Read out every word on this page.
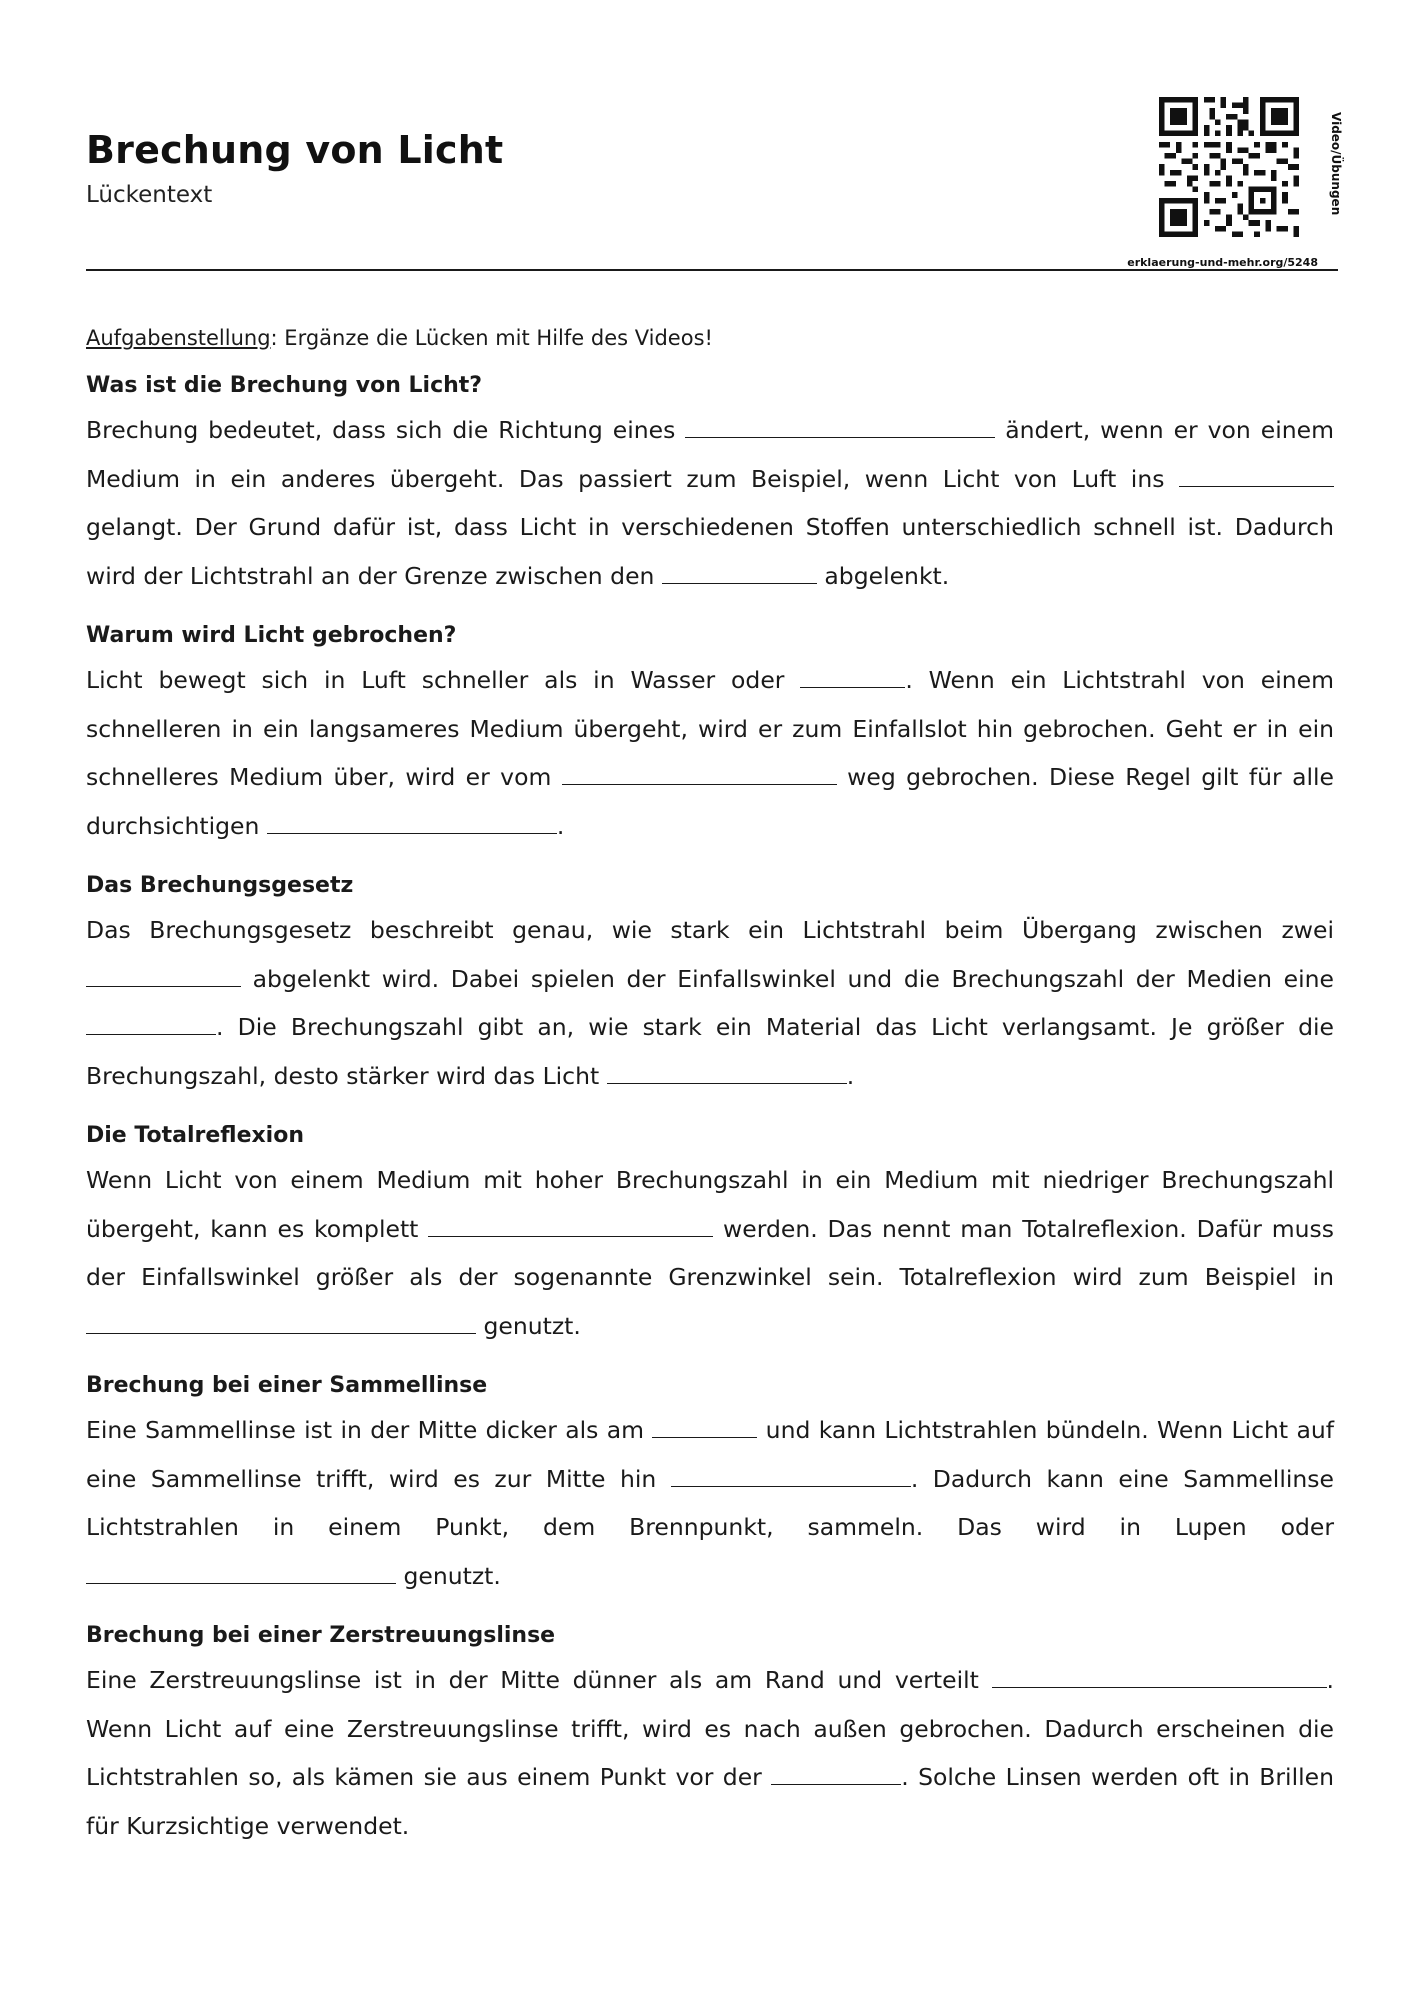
Brechung von Licht
Lückentext	Video/Übungen
erklaerung-und-mehr.org/5248

Aufgabenstellung: Ergänze die Lücken mit Hilfe des Videos!

Was ist die Brechung von Licht?

Brechung bedeutet, dass sich die Richtung eines	ändert, wenn er von einem Medium in ein anderes übergeht. Das passiert zum Beispiel, wenn Licht von Luft ins  gelangt. Der Grund dafür ist, dass Licht in verschiedenen Stoffen unterschiedlich schnell ist. Dadurch wird der Lichtstrahl an der Grenze zwischen den	abgelenkt.

Warum wird Licht gebrochen?

Licht bewegt sich in Luft schneller als in Wasser oder	. Wenn ein Lichtstrahl von einem schnelleren in ein langsameres Medium übergeht, wird er zum Einfallslot hin gebrochen. Geht er in ein schnelleres Medium über, wird er vom	weg gebrochen. Diese Regel gilt für alle durchsichtigen	.

Das Brechungsgesetz

Das Brechungsgesetz beschreibt genau, wie stark ein Lichtstrahl beim Übergang zwischen zwei  abgelenkt wird. Dabei spielen der Einfallswinkel und die Brechungszahl der Medien eine . Die Brechungszahl gibt an, wie stark ein Material das Licht verlangsamt. Je größer die Brechungszahl, desto stärker wird das Licht	.

Die Totalreflexion

Wenn Licht von einem Medium mit hoher Brechungszahl in ein Medium mit niedriger Brechungszahl übergeht, kann es komplett	werden. Das nennt man Totalreflexion. Dafür muss der Einfallswinkel größer als der sogenannte Grenzwinkel sein. Totalreflexion wird zum Beispiel in  genutzt.

Brechung bei einer Sammellinse

Eine Sammellinse ist in der Mitte dicker als am	und kann Lichtstrahlen bündeln. Wenn Licht auf eine Sammellinse trifft, wird es zur Mitte hin	. Dadurch kann eine Sammellinse Lichtstrahlen in einem Punkt, dem Brennpunkt, sammeln. Das wird in Lupen oder  genutzt.

Brechung bei einer Zerstreuungslinse

Eine Zerstreuungslinse ist in der Mitte dünner als am Rand und verteilt	. Wenn Licht auf eine Zerstreuungslinse trifft, wird es nach außen gebrochen. Dadurch erscheinen die Lichtstrahlen so, als kämen sie aus einem Punkt vor der	. Solche Linsen werden oft in Brillen für Kurzsichtige verwendet.
